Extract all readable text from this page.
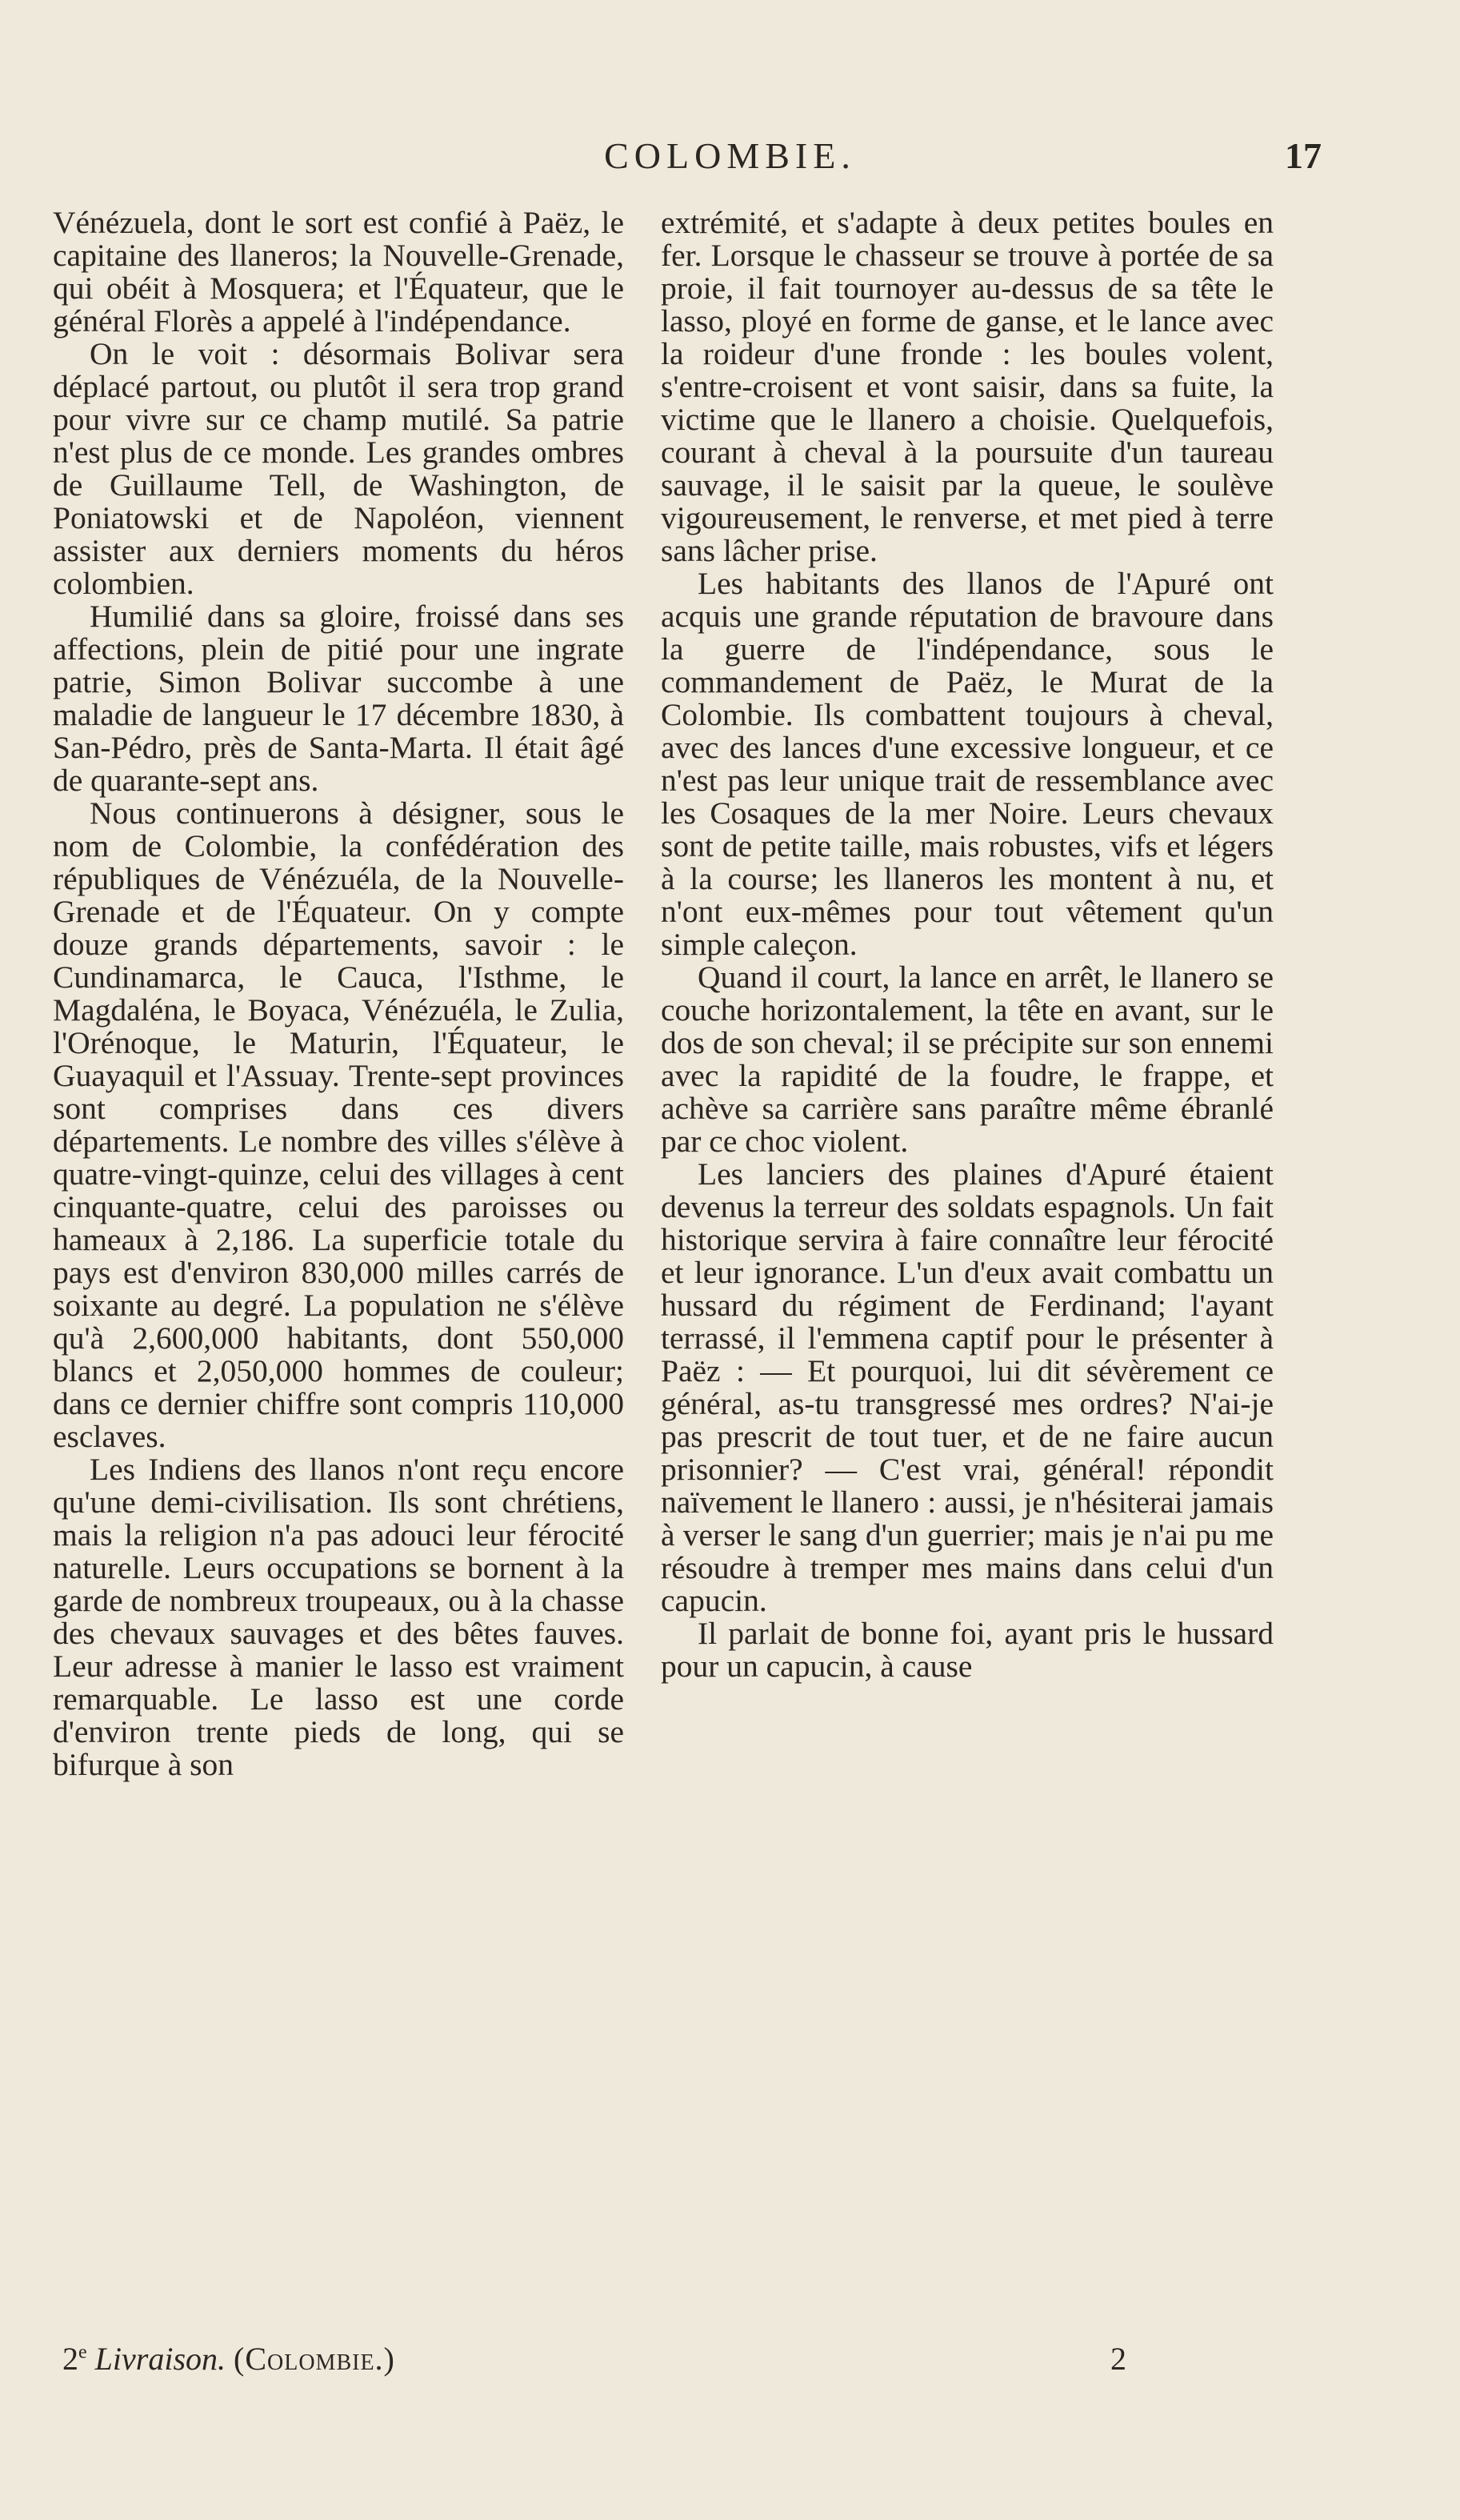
COLOMBIE.	17

Vénézuela, dont le sort est confié à Paëz, le capitaine des llaneros; la Nouvelle-Grenade, qui obéit à Mosquera; et l'Équateur, que le général Florès a appelé à l'indépendance.

On le voit : désormais Bolivar sera déplacé partout, ou plutôt il sera trop grand pour vivre sur ce champ mutilé. Sa patrie n'est plus de ce monde. Les grandes ombres de Guillaume Tell, de Washington, de Poniatowski et de Napoléon, viennent assister aux derniers moments du héros colombien.

Humilié dans sa gloire, froissé dans ses affections, plein de pitié pour une ingrate patrie, Simon Bolivar succombe à une maladie de langueur le 17 décembre 1830, à San-Pédro, près de Santa-Marta. Il était âgé de quarante-sept ans.

Nous continuerons à désigner, sous le nom de Colombie, la confédération des républiques de Vénézuéla, de la Nouvelle-Grenade et de l'Équateur. On y compte douze grands départements, savoir : le Cundinamarca, le Cauca, l'Isthme, le Magdaléna, le Boyaca, Vénézuéla, le Zulia, l'Orénoque, le Maturin, l'Équateur, le Guayaquil et l'Assuay. Trente-sept provinces sont comprises dans ces divers départements. Le nombre des villes s'élève à quatre-vingt-quinze, celui des villages à cent cinquante-quatre, celui des paroisses ou hameaux à 2,186. La superficie totale du pays est d'environ 830,000 milles carrés de soixante au degré. La population ne s'élève qu'à 2,600,000 habitants, dont 550,000 blancs et 2,050,000 hommes de couleur; dans ce dernier chiffre sont compris 110,000 esclaves.

Les Indiens des llanos n'ont reçu encore qu'une demi-civilisation. Ils sont chrétiens, mais la religion n'a pas adouci leur férocité naturelle. Leurs occupations se bornent à la garde de nombreux troupeaux, ou à la chasse des chevaux sauvages et des bêtes fauves. Leur adresse à manier le lasso est vraiment remarquable. Le lasso est une corde d'environ trente pieds de long, qui se bifurque à son

extrémité, et s'adapte à deux petites boules en fer. Lorsque le chasseur se trouve à portée de sa proie, il fait tournoyer au-dessus de sa tête le lasso, ployé en forme de ganse, et le lance avec la roideur d'une fronde : les boules volent, s'entre-croisent et vont saisir, dans sa fuite, la victime que le llanero a choisie. Quelquefois, courant à cheval à la poursuite d'un taureau sauvage, il le saisit par la queue, le soulève vigoureusement, le renverse, et met pied à terre sans lâcher prise.

Les habitants des llanos de l'Apuré ont acquis une grande réputation de bravoure dans la guerre de l'indépendance, sous le commandement de Paëz, le Murat de la Colombie. Ils combattent toujours à cheval, avec des lances d'une excessive longueur, et ce n'est pas leur unique trait de ressemblance avec les Cosaques de la mer Noire. Leurs chevaux sont de petite taille, mais robustes, vifs et légers à la course; les llaneros les montent à nu, et n'ont eux-mêmes pour tout vêtement qu'un simple caleçon.

Quand il court, la lance en arrêt, le llanero se couche horizontalement, la tête en avant, sur le dos de son cheval; il se précipite sur son ennemi avec la rapidité de la foudre, le frappe, et achève sa carrière sans paraître même ébranlé par ce choc violent.

Les lanciers des plaines d'Apuré étaient devenus la terreur des soldats espagnols. Un fait historique servira à faire connaître leur férocité et leur ignorance. L'un d'eux avait combattu un hussard du régiment de Ferdinand; l'ayant terrassé, il l'emmena captif pour le présenter à Paëz : — Et pourquoi, lui dit sévèrement ce général, as-tu transgressé mes ordres? N'ai-je pas prescrit de tout tuer, et de ne faire aucun prisonnier? — C'est vrai, général! répondit naïvement le llanero : aussi, je n'hésiterai jamais à verser le sang d'un guerrier; mais je n'ai pu me résoudre à tremper mes mains dans celui d'un capucin.

Il parlait de bonne foi, ayant pris le hussard pour un capucin, à cause

2e Livraison. (Colombie.)	2
